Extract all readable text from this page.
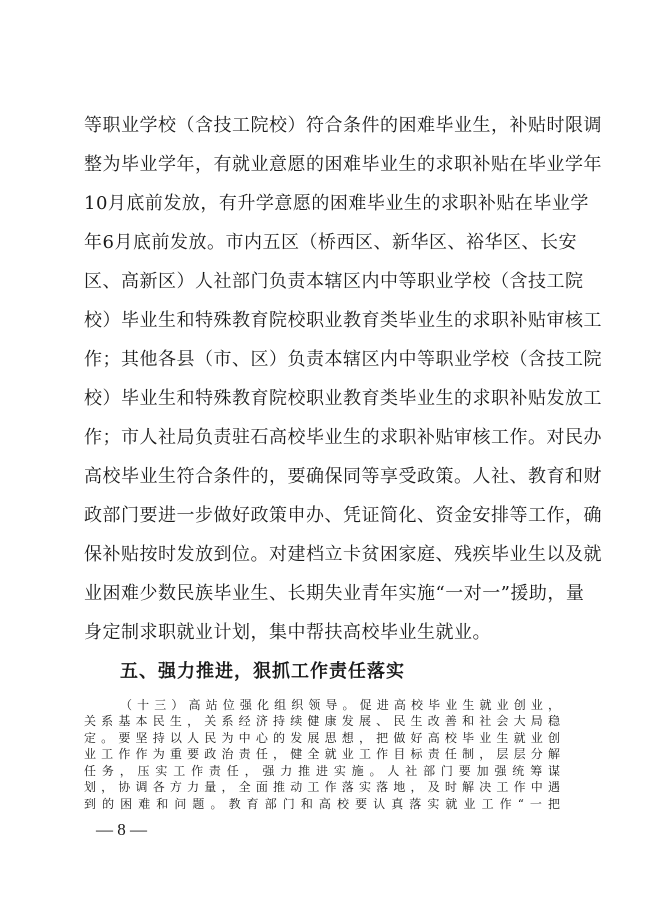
等职业学校（含技工院校）符合条件的困难毕业生，补贴时限调
整为毕业学年，有就业意愿的困难毕业生的求职补贴在毕业学年
10月底前发放，有升学意愿的困难毕业生的求职补贴在毕业学
年6月底前发放。市内五区（桥西区、新华区、裕华区、长安
区、高新区）人社部门负责本辖区内中等职业学校（含技工院
校）毕业生和特殊教育院校职业教育类毕业生的求职补贴审核工
作；其他各县（市、区）负责本辖区内中等职业学校（含技工院
校）毕业生和特殊教育院校职业教育类毕业生的求职补贴发放工
作；市人社局负责驻石高校毕业生的求职补贴审核工作。对民办
高校毕业生符合条件的，要确保同等享受政策。人社、教育和财
政部门要进一步做好政策申办、凭证简化、资金安排等工作，确
保补贴按时发放到位。对建档立卡贫困家庭、残疾毕业生以及就
业困难少数民族毕业生、长期失业青年实施“一对一”援助，量
身定制求职就业计划，集中帮扶高校毕业生就业。
五、强力推进，狠抓工作责任落实
（十三）高站位强化组织领导。促进高校毕业生就业创业，
关系基本民生，关系经济持续健康发展、民生改善和社会大局稳
定。要坚持以人民为中心的发展思想，把做好高校毕业生就业创
业工作作为重要政治责任，健全就业工作目标责任制，层层分解
任务，压实工作责任，强力推进实施。人社部门要加强统筹谋
划，协调各方力量，全面推动工作落实落地，及时解决工作中遇
到的困难和问题。教育部门和高校要认真落实就业工作“一把
— 8 —
